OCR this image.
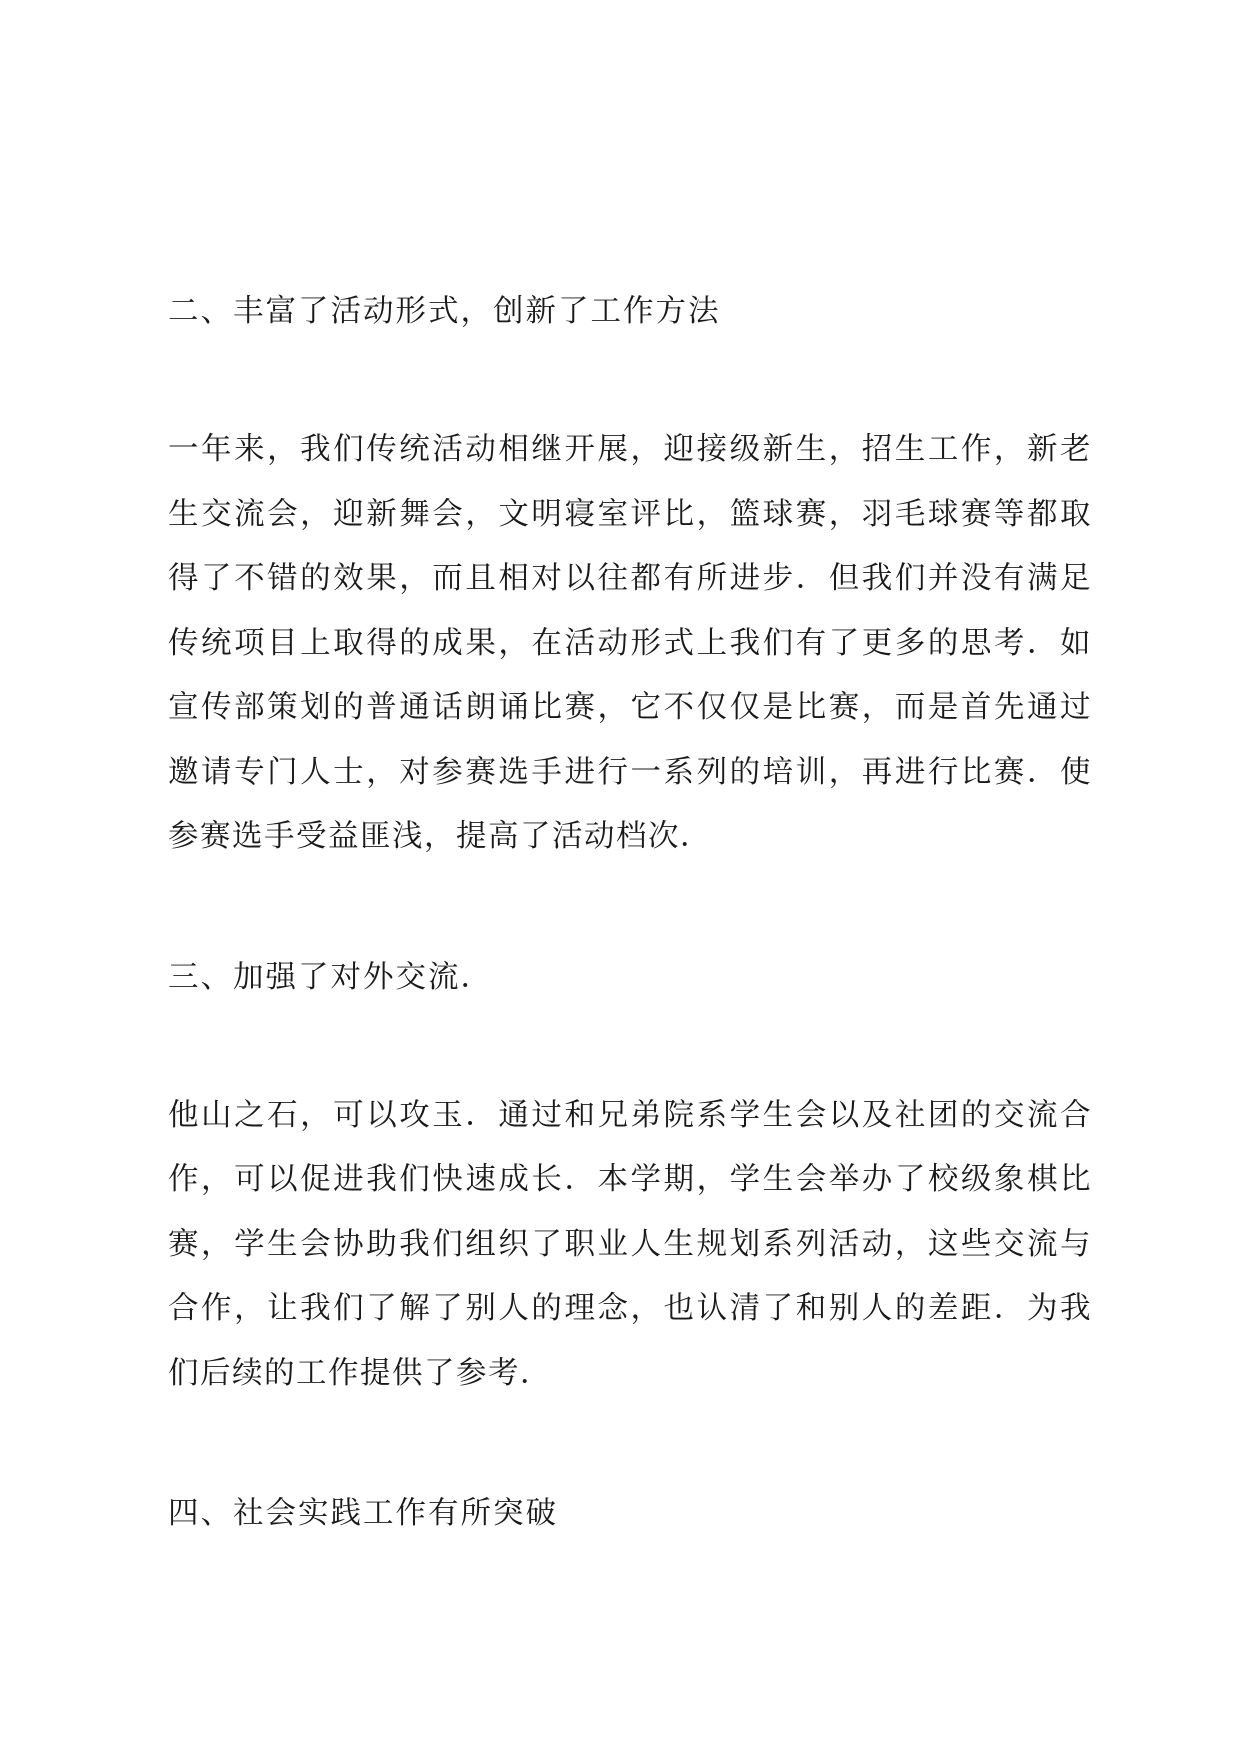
二、丰富了活动形式，创新了工作方法

一年来，我们传统活动相继开展，迎接级新生，招生工作，新老生交流会，迎新舞会，文明寝室评比，篮球赛，羽毛球赛等都取得了不错的效果，而且相对以往都有所进步．但我们并没有满足传统项目上取得的成果，在活动形式上我们有了更多的思考．如宣传部策划的普通话朗诵比赛，它不仅仅是比赛，而是首先通过邀请专门人士，对参赛选手进行一系列的培训，再进行比赛．使参赛选手受益匪浅，提高了活动档次．

三、加强了对外交流．

他山之石，可以攻玉．通过和兄弟院系学生会以及社团的交流合作，可以促进我们快速成长．本学期，学生会举办了校级象棋比赛，学生会协助我们组织了职业人生规划系列活动，这些交流与合作，让我们了解了别人的理念，也认清了和别人的差距．为我们后续的工作提供了参考．

四、社会实践工作有所突破
